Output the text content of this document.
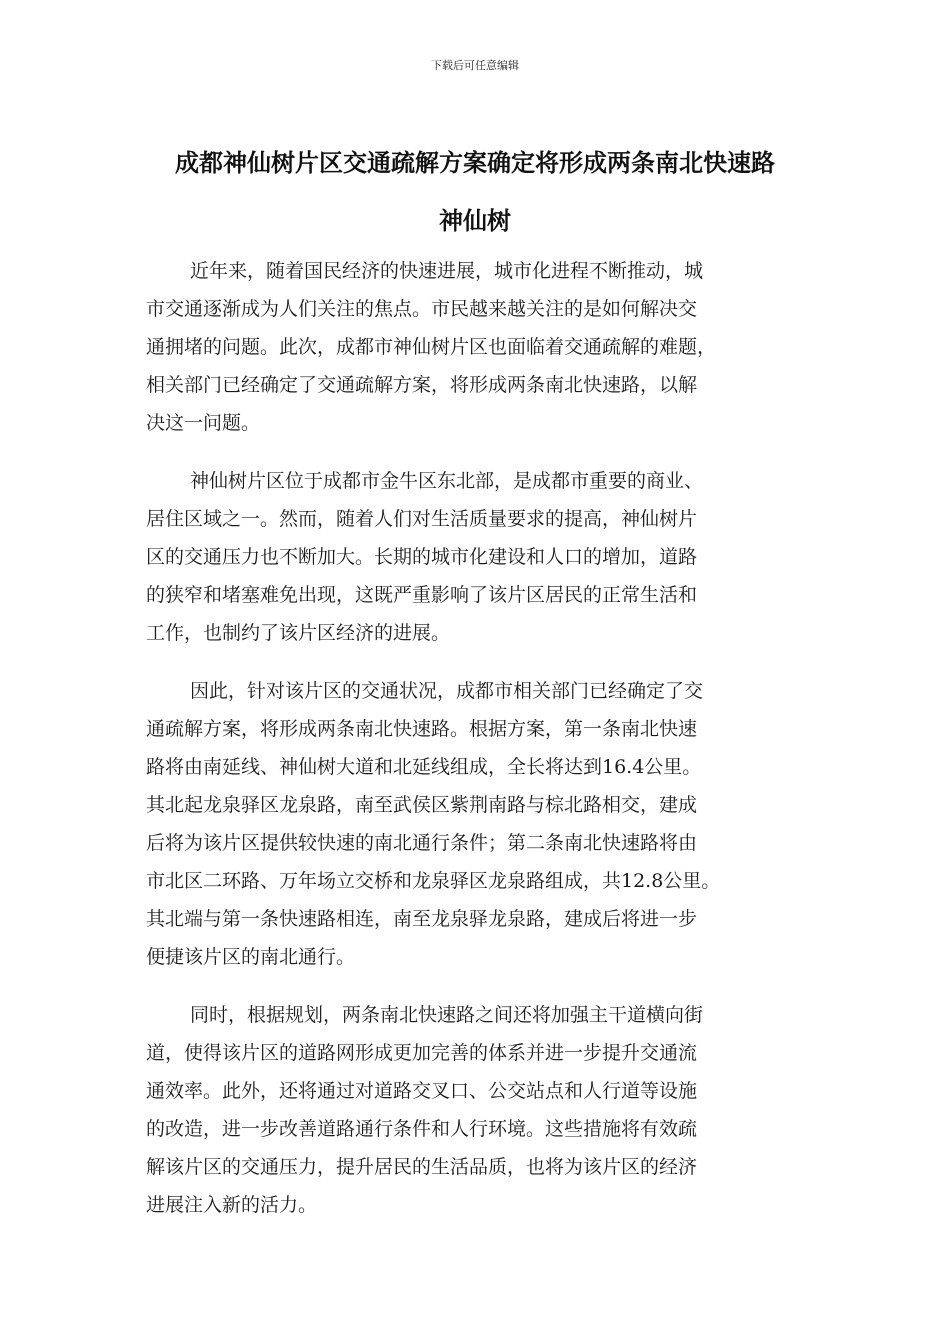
下载后可任意编辑
成都神仙树片区交通疏解方案确定将形成两条南北快速路
神仙树

近年来，随着国民经济的快速进展，城市化进程不断推动，城
市交通逐渐成为人们关注的焦点。市民越来越关注的是如何解决交
通拥堵的问题。此次，成都市神仙树片区也面临着交通疏解的难题，
相关部门已经确定了交通疏解方案，将形成两条南北快速路，以解
决这一问题。

神仙树片区位于成都市金牛区东北部，是成都市重要的商业、
居住区域之一。然而，随着人们对生活质量要求的提高，神仙树片
区的交通压力也不断加大。长期的城市化建设和人口的增加，道路
的狭窄和堵塞难免出现，这既严重影响了该片区居民的正常生活和
工作，也制约了该片区经济的进展。

因此，针对该片区的交通状况，成都市相关部门已经确定了交
通疏解方案，将形成两条南北快速路。根据方案，第一条南北快速
路将由南延线、神仙树大道和北延线组成，全长将达到16.4公里。
其北起龙泉驿区龙泉路，南至武侯区紫荆南路与棕北路相交，建成
后将为该片区提供较快速的南北通行条件；第二条南北快速路将由
市北区二环路、万年场立交桥和龙泉驿区龙泉路组成，共12.8公里。
其北端与第一条快速路相连，南至龙泉驿龙泉路，建成后将进一步
便捷该片区的南北通行。

同时，根据规划，两条南北快速路之间还将加强主干道横向街
道，使得该片区的道路网形成更加完善的体系并进一步提升交通流
通效率。此外，还将通过对道路交叉口、公交站点和人行道等设施
的改造，进一步改善道路通行条件和人行环境。这些措施将有效疏
解该片区的交通压力，提升居民的生活品质，也将为该片区的经济
进展注入新的活力。
